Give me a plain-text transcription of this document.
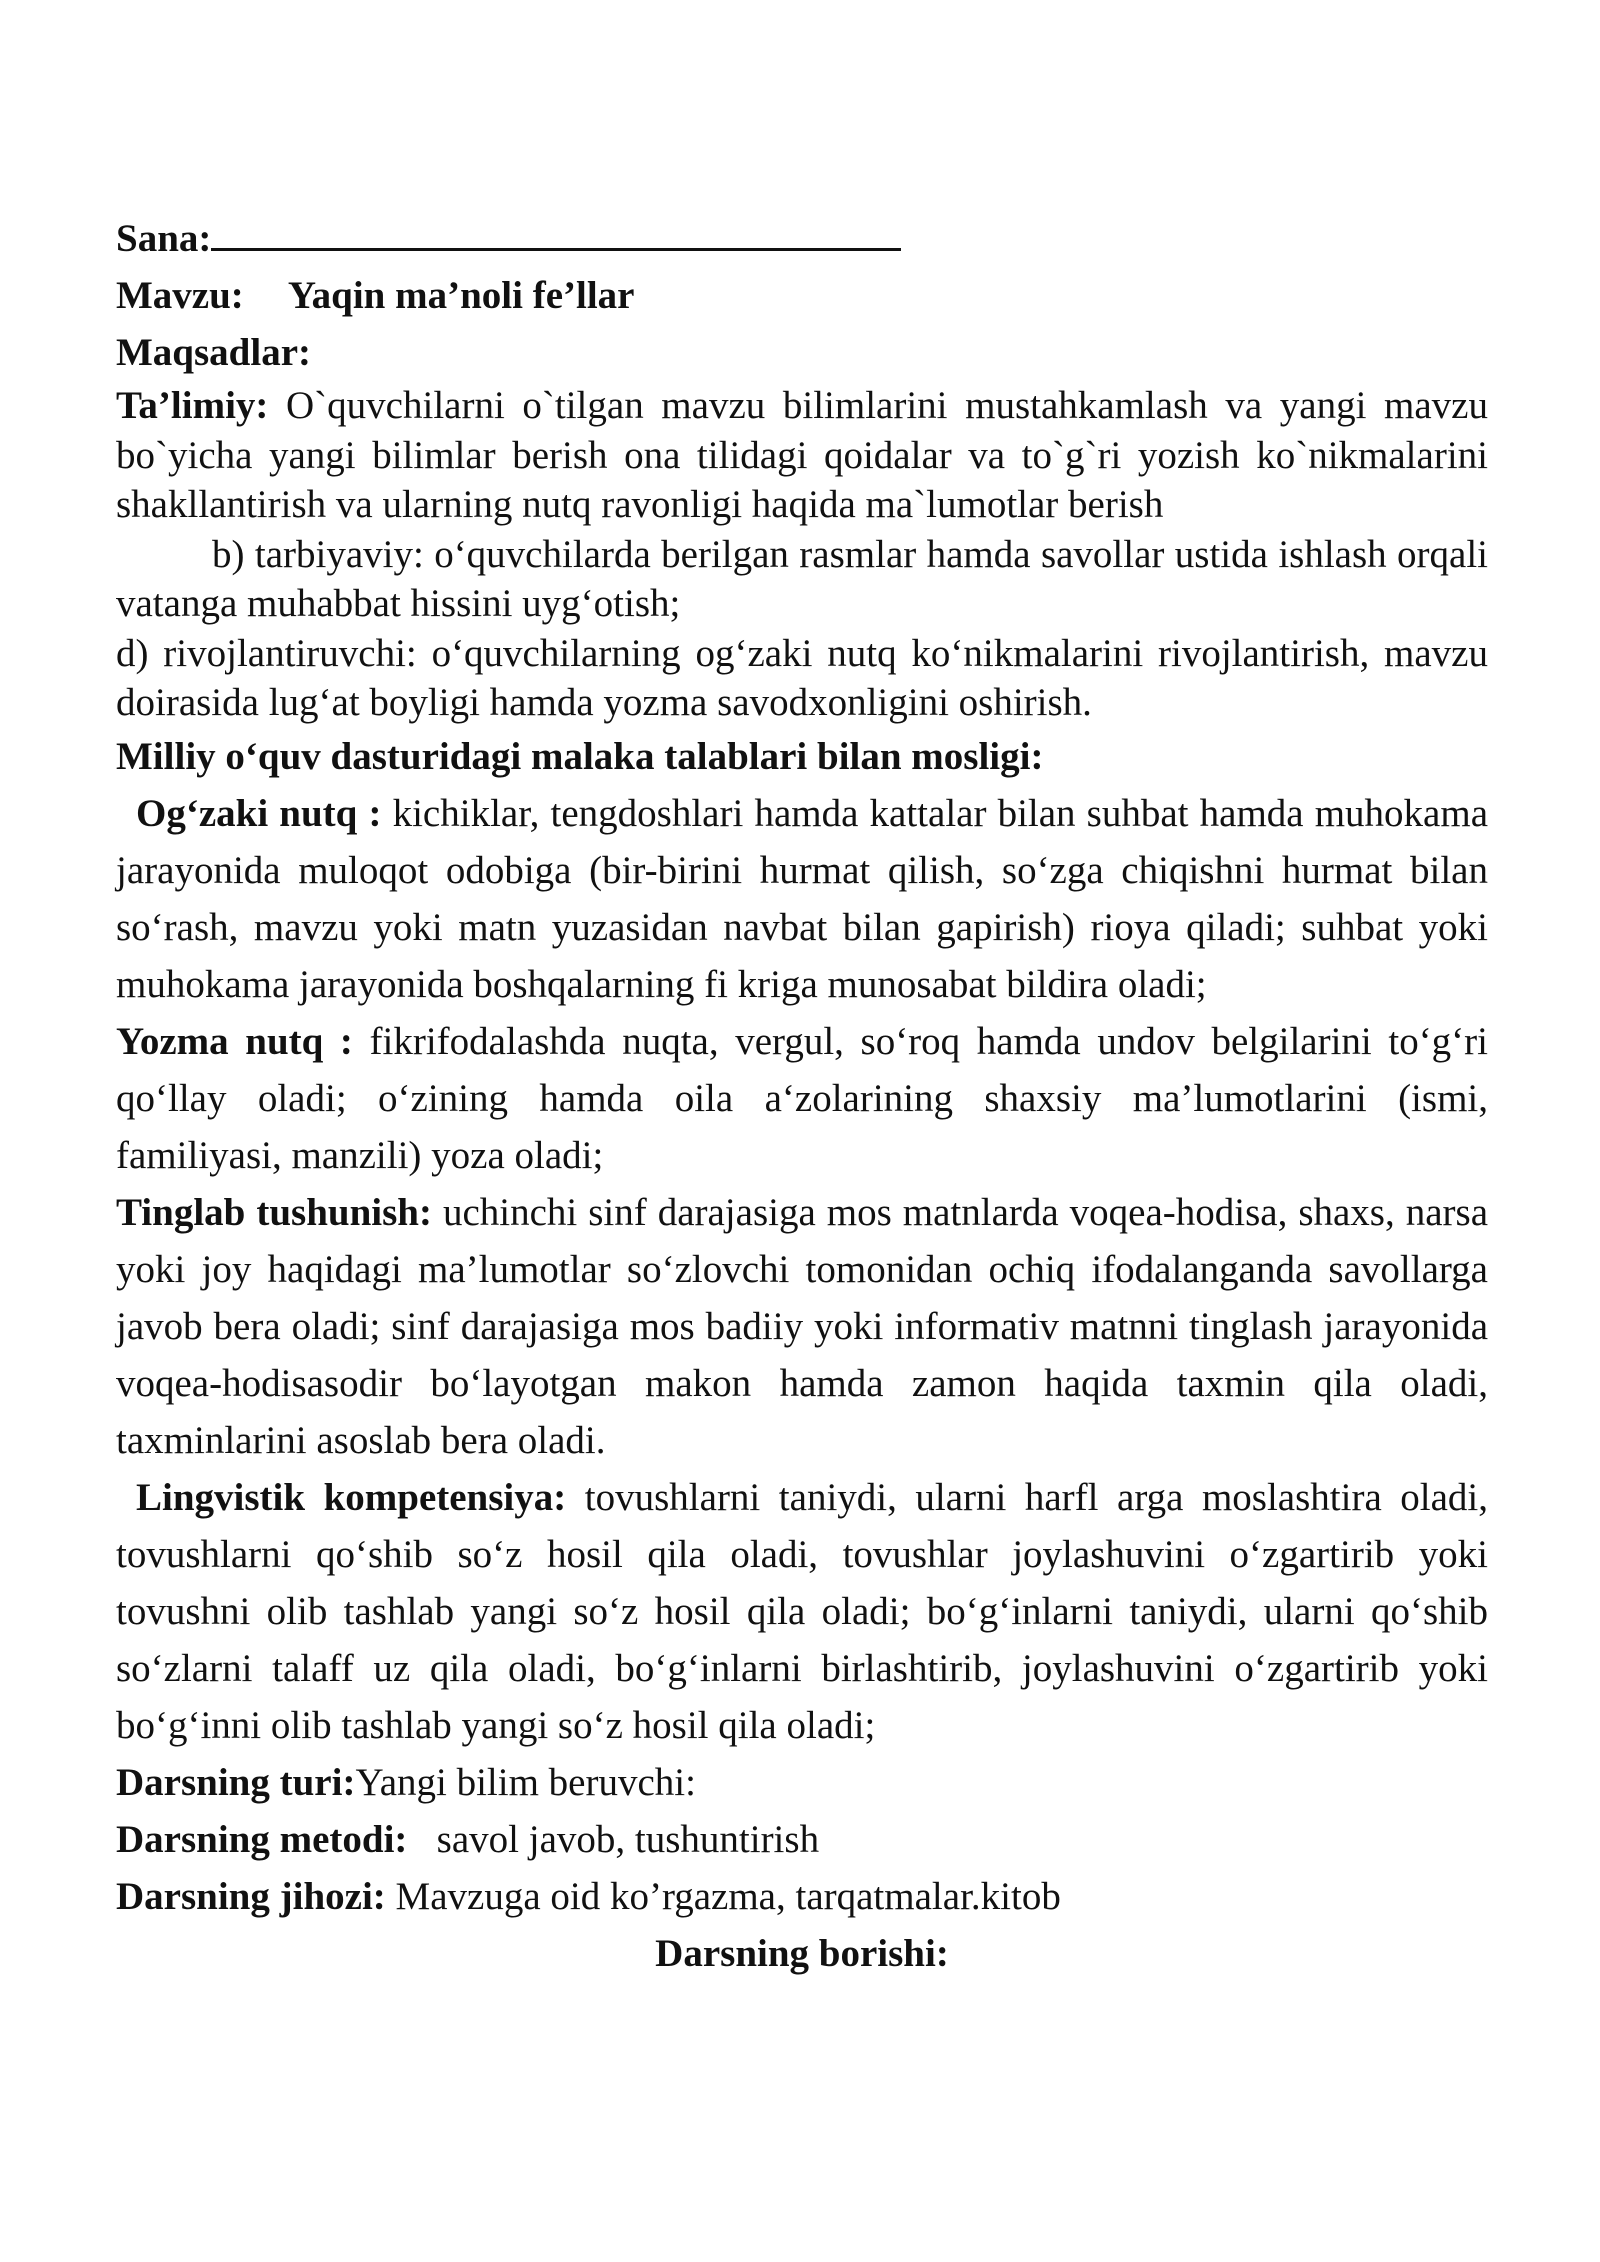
Sana:

Mavzu: Yaqin ma’noli fe’llar

Maqsadlar:

Ta’limiy: O`quvchilarni o`tilgan mavzu bilimlarini mustahkamlash va yangi mavzu bo`yicha yangi bilimlar berish ona tilidagi qoidalar va to`g`ri yozish ko`nikmalarini shakllantirish va ularning nutq ravonligi haqida ma`lumotlar berish

b) tarbiyaviy: o‘quvchilarda berilgan rasmlar hamda savollar ustida ishlash orqali vatanga muhabbat hissini uyg‘otish;

d) rivojlantiruvchi: o‘quvchilarning og‘zaki nutq ko‘nikmalarini rivojlantirish, mavzu doirasida lug‘at boyligi hamda yozma savodxonligini oshirish.

Milliy o‘quv dasturidagi malaka talablari bilan mosligi:

Og‘zaki nutq : kichiklar, tengdoshlari hamda kattalar bilan suhbat hamda muhokama jarayonida muloqot odobiga (bir-birini hurmat qilish, so‘zga chiqishni hurmat bilan so‘rash, mavzu yoki matn yuzasidan navbat bilan gapirish) rioya qiladi; suhbat yoki muhokama jarayonida boshqalarning fi kriga munosabat bildira oladi;

Yozma nutq : fikrifodalashda nuqta, vergul, so‘roq hamda undov belgilarini to‘g‘ri qo‘llay oladi; o‘zining hamda oila a‘zolarining shaxsiy ma’lumotlarini (ismi, familiyasi, manzili) yoza oladi;

Tinglab tushunish: uchinchi sinf darajasiga mos matnlarda voqea-hodisa, shaxs, narsa yoki joy haqidagi ma’lumotlar so‘zlovchi tomonidan ochiq ifodalanganda savollarga javob bera oladi; sinf darajasiga mos badiiy yoki informativ matnni tinglash jarayonida voqea-hodisasodir bo‘layotgan makon hamda zamon haqida taxmin qila oladi, taxminlarini asoslab bera oladi.

Lingvistik kompetensiya: tovushlarni taniydi, ularni harfl arga moslashtira oladi, tovushlarni qo‘shib so‘z hosil qila oladi, tovushlar joylashuvini o‘zgartirib yoki tovushni olib tashlab yangi so‘z hosil qila oladi; bo‘g‘inlarni taniydi, ularni qo‘shib so‘zlarni talaff uz qila oladi, bo‘g‘inlarni birlashtirib, joylashuvini o‘zgartirib yoki bo‘g‘inni olib tashlab yangi so‘z hosil qila oladi;

Darsning turi:Yangi bilim beruvchi:

Darsning metodi:   savol javob, tushuntirish

Darsning jihozi: Mavzuga oid ko’rgazma, tarqatmalar.kitob

Darsning borishi:
